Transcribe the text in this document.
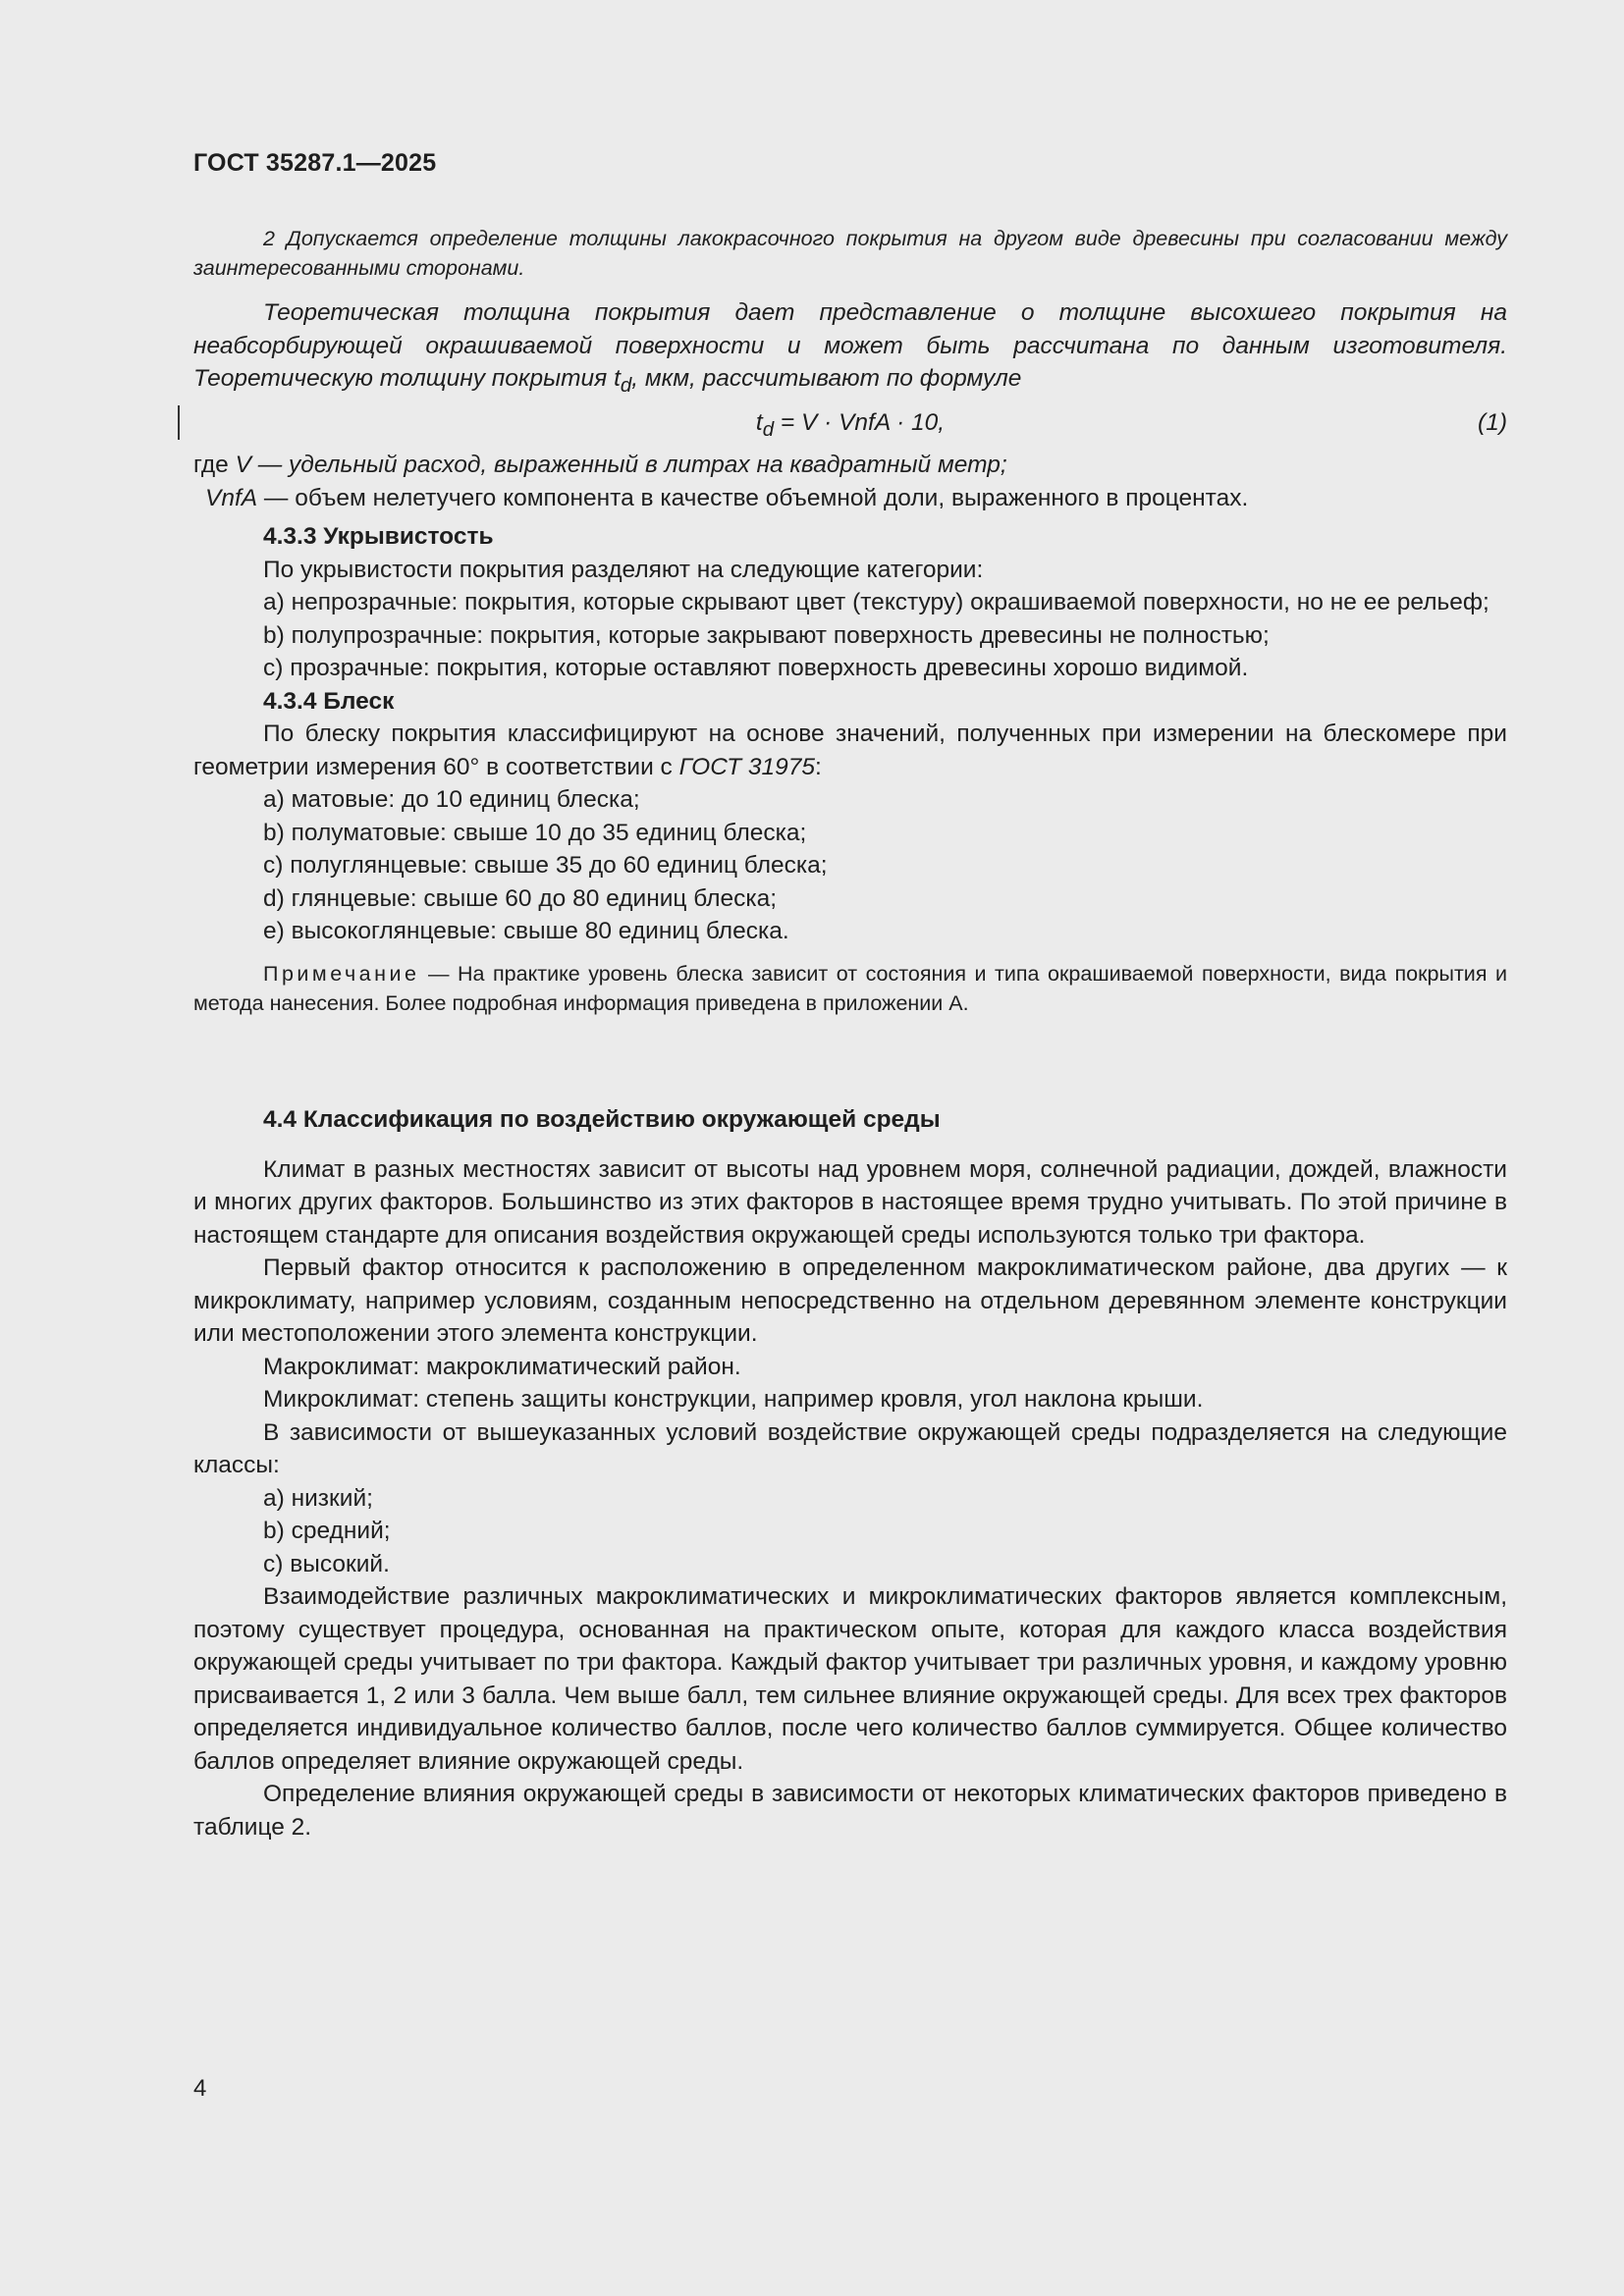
ГОСТ 35287.1—2025

2 Допускается определение толщины лакокрасочного покрытия на другом виде древесины при согласовании между заинтересованными сторонами.

Теоретическая толщина покрытия дает представление о толщине высохшего покрытия на неабсорбирующей окрашиваемой поверхности и может быть рассчитана по данным изготовителя. Теоретическую толщину покрытия $t_d$, мкм, рассчитывают по формуле

$t_d = V$ · VnfA · 10,	(1)

где V — удельный расход, выраженный в литрах на квадратный метр;

VnfA — объем нелетучего компонента в качестве объемной доли, выраженного в процентах.

4.3.3 Укрывистость

По укрывистости покрытия разделяют на следующие категории:

a) непрозрачные: покрытия, которые скрывают цвет (текстуру) окрашиваемой поверхности, но не ее рельеф;

b) полупрозрачные: покрытия, которые закрывают поверхность древесины не полностью;

c) прозрачные: покрытия, которые оставляют поверхность древесины хорошо видимой.

4.3.4 Блеск

По блеску покрытия классифицируют на основе значений, полученных при измерении на блескомере при геометрии измерения 60° в соответствии с ГОСТ 31975:

a) матовые: до 10 единиц блеска;

b) полуматовые: свыше 10 до 35 единиц блеска;

c) полуглянцевые: свыше 35 до 60 единиц блеска;

d) глянцевые: свыше 60 до 80 единиц блеска;

e) высокоглянцевые: свыше 80 единиц блеска.

Примечание — На практике уровень блеска зависит от состояния и типа окрашиваемой поверхности, вида покрытия и метода нанесения. Более подробная информация приведена в приложении А.

4.4 Классификация по воздействию окружающей среды

Климат в разных местностях зависит от высоты над уровнем моря, солнечной радиации, дождей, влажности и многих других факторов. Большинство из этих факторов в настоящее время трудно учитывать. По этой причине в настоящем стандарте для описания воздействия окружающей среды используются только три фактора.

Первый фактор относится к расположению в определенном макроклиматическом районе, два других — к микроклимату, например условиям, созданным непосредственно на отдельном деревянном элементе конструкции или местоположении этого элемента конструкции.

Макроклимат: макроклиматический район.

Микроклимат: степень защиты конструкции, например кровля, угол наклона крыши.

В зависимости от вышеуказанных условий воздействие окружающей среды подразделяется на следующие классы:

a) низкий;

b) средний;

c) высокий.

Взаимодействие различных макроклиматических и микроклиматических факторов является комплексным, поэтому существует процедура, основанная на практическом опыте, которая для каждого класса воздействия окружающей среды учитывает по три фактора. Каждый фактор учитывает три различных уровня, и каждому уровню присваивается 1, 2 или 3 балла. Чем выше балл, тем сильнее влияние окружающей среды. Для всех трех факторов определяется индивидуальное количество баллов, после чего количество баллов суммируется. Общее количество баллов определяет влияние окружающей среды.

Определение влияния окружающей среды в зависимости от некоторых климатических факторов приведено в таблице 2.

4
